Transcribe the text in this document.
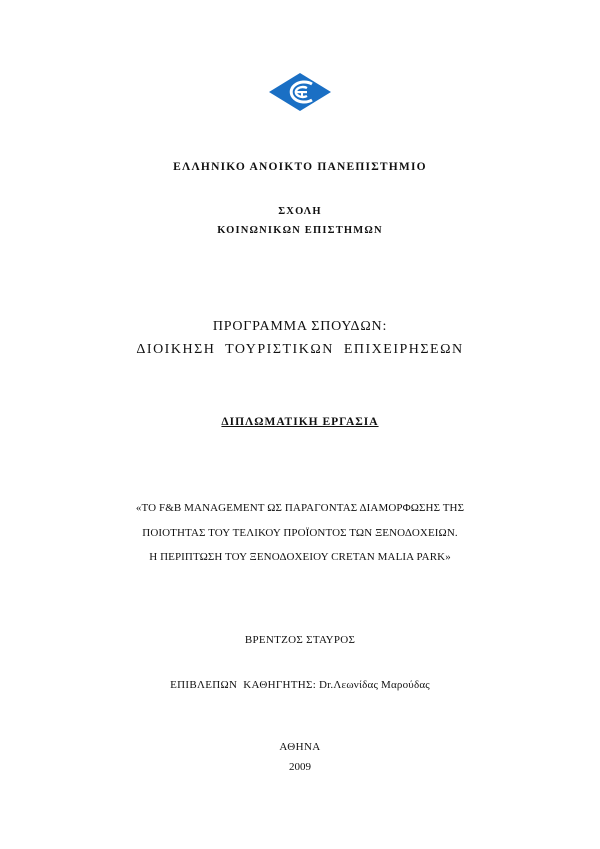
ΕΛΛΗΝΙΚΟ ΑΝΟΙΚΤΟ ΠΑΝΕΠΙΣΤΗΜΙΟ
ΣΧΟΛΗ
ΚΟΙΝΩΝΙΚΩΝ ΕΠΙΣΤΗΜΩΝ
ΠΡΟΓΡΑΜΜΑ ΣΠΟΥΔΩΝ:
ΔΙΟΙΚΗΣΗ ΤΟΥΡΙΣΤΙΚΩΝ ΕΠΙΧΕΙΡΗΣΕΩΝ
ΔΙΠΛΩΜΑΤΙΚΗ ΕΡΓΑΣΙΑ
«ΤΟ F&B MANAGEMENT ΩΣ ΠΑΡΑΓΟΝΤΑΣ ΔΙΑΜΟΡΦΩΣΗΣ ΤΗΣ
ΠΟΙΟΤΗΤΑΣ ΤΟΥ ΤΕΛΙΚΟΥ ΠΡΟΪΟΝΤΟΣ ΤΩΝ ΞΕΝΟΔΟΧΕΙΩΝ.
Η ΠΕΡΙΠΤΩΣΗ ΤΟΥ ΞΕΝΟΔΟΧΕΙΟΥ CRETAN MALIA PARK»
ΒΡΕΝΤΖΟΣ ΣΤΑΥΡΟΣ
ΕΠΙΒΛΕΠΩΝ ΚΑΘΗΓΗΤΗΣ: Dr.Λεωνίδας Μαρούδας
ΑΘΗΝΑ
2009
